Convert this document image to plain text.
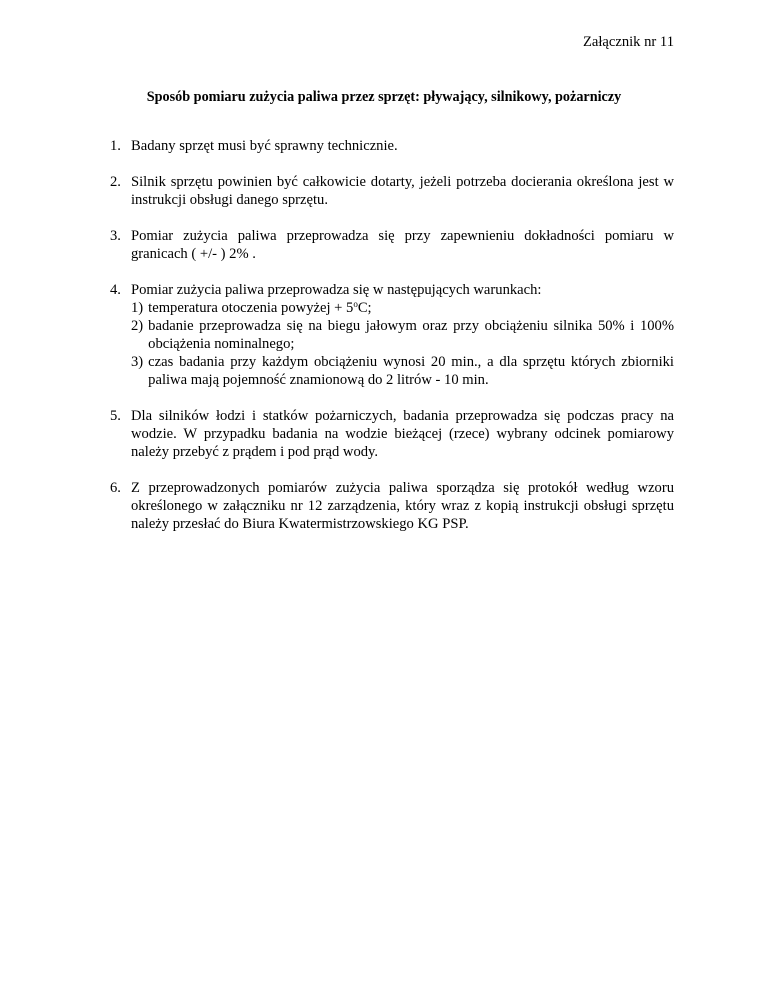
Załącznik nr 11
Sposób pomiaru zużycia paliwa przez sprzęt: pływający, silnikowy, pożarniczy
1. Badany sprzęt musi być sprawny technicznie.
2. Silnik sprzętu powinien być całkowicie dotarty, jeżeli potrzeba docierania określona jest w instrukcji obsługi danego sprzętu.
3. Pomiar zużycia paliwa przeprowadza się przy zapewnieniu dokładności pomiaru w granicach ( +/- ) 2% .
4. Pomiar zużycia paliwa przeprowadza się w następujących warunkach:
1) temperatura otoczenia powyżej + $5^oC$;
2) badanie przeprowadza się na biegu jałowym oraz przy obciążeniu silnika 50% i 100% obciążenia nominalnego;
3) czas badania przy każdym obciążeniu wynosi 20 min., a dla sprzętu których zbiorniki paliwa mają pojemność znamionową do 2 litrów - 10 min.
5. Dla silników łodzi i statków pożarniczych, badania przeprowadza się podczas pracy na wodzie. W przypadku badania na wodzie bieżącej (rzece) wybrany odcinek pomiarowy należy przebyć z prądem i pod prąd wody.
6. Z przeprowadzonych pomiarów zużycia paliwa sporządza się protokół według wzoru określonego w załączniku nr 12 zarządzenia, który wraz z kopią instrukcji obsługi sprzętu należy przesłać do Biura Kwatermistrzowskiego KG PSP.
